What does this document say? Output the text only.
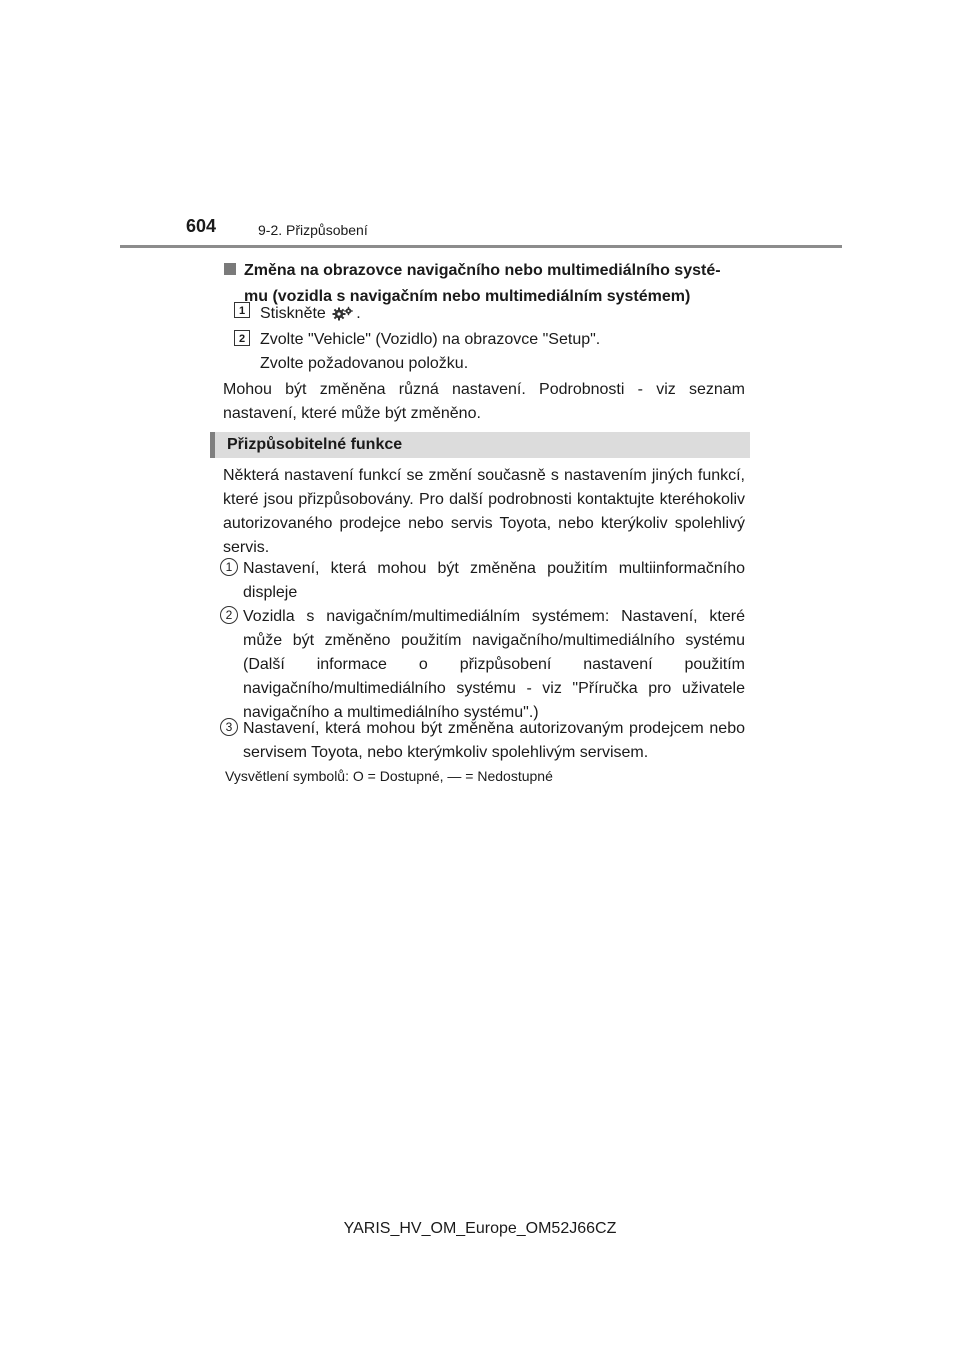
604	9-2. Přizpůsobení
Změna na obrazovce navigačního nebo multimediálního systé-
mu (vozidla s navigačním nebo multimediálním systémem)
1 Stiskněte .
2 Zvolte "Vehicle" (Vozidlo) na obrazovce "Setup".
Zvolte požadovanou položku.
Mohou být změněna různá nastavení. Podrobnosti - viz seznam nastavení, které může být změněno.
Přizpůsobitelné funkce
Některá nastavení funkcí se změní současně s nastavením jiných funkcí, které jsou přizpůsobovány. Pro další podrobnosti kontaktujte kteréhokoliv autorizovaného prodejce nebo servis Toyota, nebo kterýkoliv spolehlivý servis.
1 Nastavení, která mohou být změněna použitím multiinformačního displeje
2 Vozidla s navigačním/multimediálním systémem: Nastavení, které může být změněno použitím navigačního/multimediálního systému (Další informace o přizpůsobení nastavení použitím navigačního/multimediálního systému - viz "Příručka pro uživatele navigačního a multimediálního systému".)
3 Nastavení, která mohou být změněna autorizovaným prodejcem nebo servisem Toyota, nebo kterýmkoliv spolehlivým servisem.
Vysvětlení symbolů: O = Dostupné, — = Nedostupné
YARIS_HV_OM_Europe_OM52J66CZ
